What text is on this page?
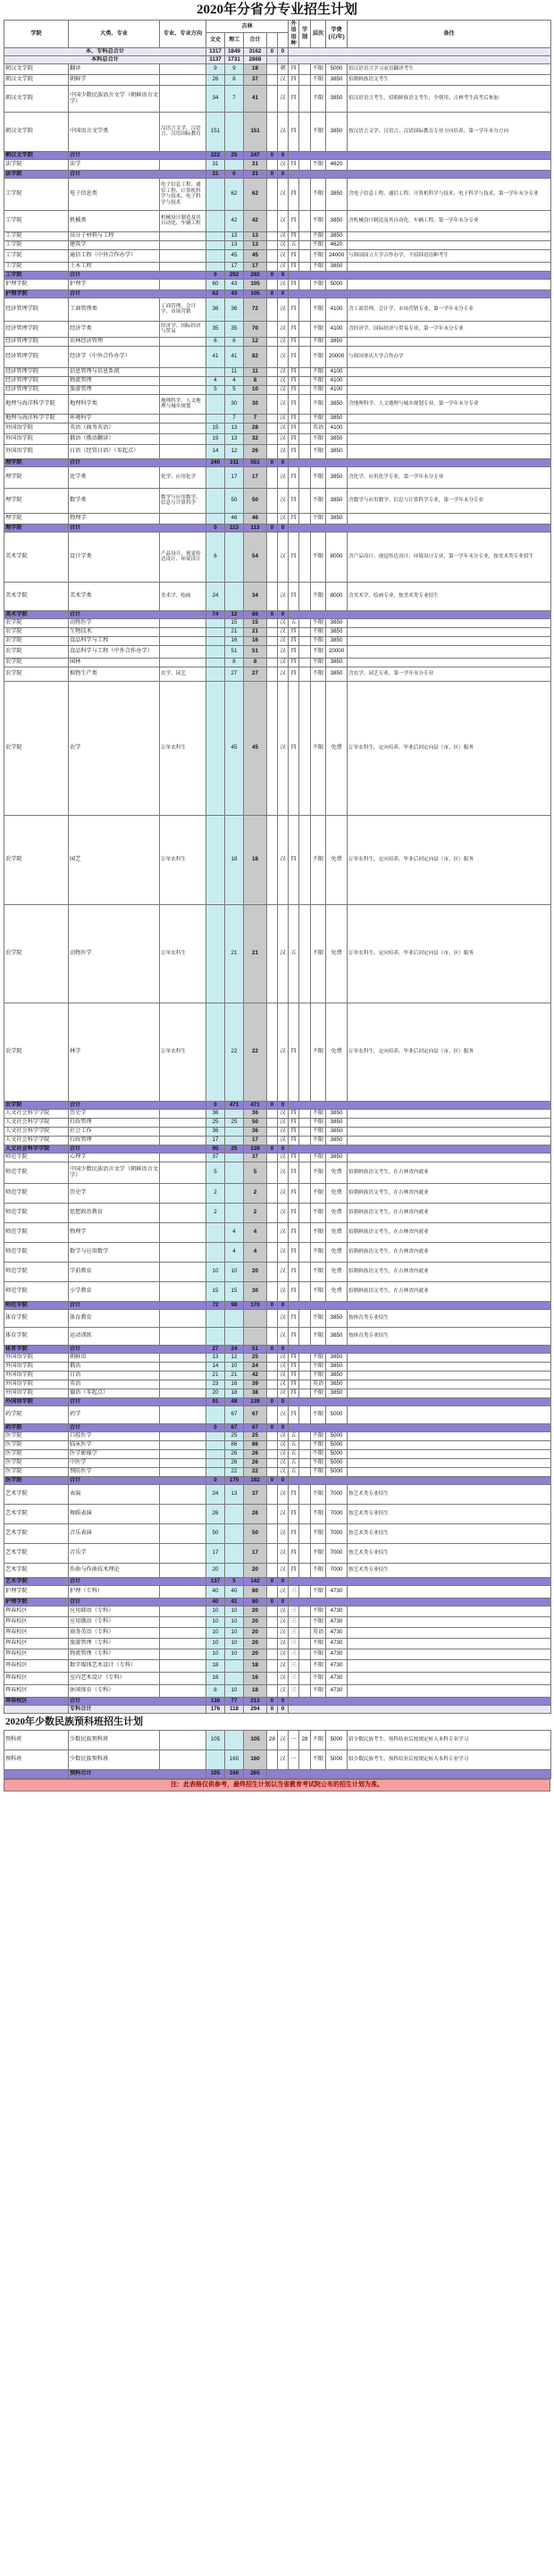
2020年分省分专业招生计划
学院	大类、专业	专业、专业方向	吉林					外语语种	学制	层次	学费(元/年)	备注
			文史	理工	合计							
本、专科总合计			1317	1849	3162	0	0					
本科总合计			1137	1731	2868							
朝汉文学院	翻译		9	9	18		朝	四		不限	5000	招汉语语言学习双语翻译考生
朝汉文学院	朝鲜学		26	8	37		汉	四		不限	3850	招朝鲜族语文考生
朝汉文学院	中国少数民族语言文学（朝鲜语言文学）		34	7	41		汉	四		不限	3850	招汉语语言考生，招朝鲜族语文考生，全朝用、吉林考生高考后参加
朝汉文学院	中国语言文学类	汉语言文学、汉语言、汉语国际教育	151		151		汉	四		不限	3850	按汉语言文学、汉语言、汉语国际教育专业方向培养，第一学年末分方向
朝汉文学院	合计		222	25	247	0	0					
法学院	法学		31		31		汉	四		不限	4620	
法学院	合计		31	0	31	0	0					
工学院	电子信息类	电子信息工程、通信工程、计算机科学与技术、电子科学与技术		62	62		汉	四		不限	3850	含电子信息工程、通信工程、计算机科学与技术、电子科学与技术，第一学年末分专业
工学院	机械类	机械设计制造及其自动化、车辆工程		42	42		汉	四		不限	3850	含机械设计制造及其自动化、车辆工程，第一学年末分专业
工学院	高分子材料与工程			13	13		汉	四		不限	3850	
工学院	建筑学			13	13		汉	五		不限	4620	
工学院	通信工程（中外合作办学）			45	45		汉	四		不限	24000	与韩国国立大学合作办学，不招韩语语种考生
工学院	土木工程			17	17		汉	四		不限	3850	
工学院	合计		0	292	292	0	0					
护理学院	护理学		60	43	105		汉	四		不限	5000	
护理学院	合计		62	43	105	0	0					
经济管理学院	工商管理类	工商管理、会计学、市场营销	36	36	72		汉	四		不限	4100	含工商管理、会计学、市场营销专业，第一学年末分专业
经济管理学院	经济学类	经济学、国际经济与贸易	35	35	70		汉	四		不限	4100	含经济学、国际经济与贸易专业，第一学年末分专业
经济管理学院	农林经济管理		6	6	12		汉	四		不限	3850	
经济管理学院	经济学（中外合作办学）		41	41	82		汉	四		不限	20000	与韩国釜庆大学合作办学
经济管理学院	信息管理与信息系统			11	11		汉	四		不限	4100	
经济管理学院	物流管理		4	4	8		汉	四		不限	4100	
经济管理学院	旅游管理		5	5	10		汉	四		不限	4100	
地理与海洋科学学院	地理科学类	地理科学、人文地理与城乡规划		30	30		汉	四		不限	3850	含地理科学、人文地理与城乡规划专业，第一学年末分专业
地理与海洋科学学院	环境科学			7	7		汉	四		不限	3850	
外国语学院	英语（商务英语）		15	13	28		汉	四		英语	4100	
外国语学院	俄语（俄语翻译）		19	13	32		汉	四		不限	3850	
外国语学院	日语（经贸日语）（零起点）		14	12	26		汉	四		不限	3850	
理学院	合计		240	311	551	0	0					
理学院	化学类	化学、应用化学		17	17		汉	四		不限	3850	含化学、应用化学专业，第一学年末分专业
理学院	数学类	数学与应用数学、信息与计算科学		50	50		汉	四		不限	3850	含数学与应用数学、信息与计算科学专业，第一学年末分专业
理学院	物理学			46	46		汉	四		不限	3850	
理学院	合计		0	113	113	0	0					
美术学院	设计学类	产品设计、视觉传达设计、环境设计	6		54		汉	四		不限	8000	含产品设计、视觉传达设计、环境设计专业，第一学年末分专业，按美术类专业招生
美术学院	美术学类	美术学、绘画	24		34		汉	四		不限	8000	含美术学、绘画专业，按美术类专业招生
美术学院	合计		74	12	86	0	0					
农学院	动物医学			15	15		汉	五		不限	3850	
农学院	生物技术			21	21		汉	四		不限	3850	
农学院	食品科学与工程			16	16		汉	四		不限	3850	
农学院	食品科学与工程（中外合作办学）			51	51		汉	四		不限	20000	
农学院	园林			8	8		汉	四		不限	3850	
农学院	植物生产类	农学、园艺		27	27		汉	四		不限	3850	含农学、园艺专业，第一学年末分专业
农学院	农学	订单农科生		45	45		汉	四		不限	免费	订单农科生，定向培养，毕业后回定向县（市、区）服务
农学院	园艺	订单农科生		18	18		汉	四		不限	免费	订单农科生，定向培养，毕业后回定向县（市、区）服务
农学院	动物医学	订单农科生		21	21		汉	五		不限	免费	订单农科生，定向培养，毕业后回定向县（市、区）服务
农学院	林学	订单农科生		22	22		汉	四		不限	免费	订单农科生，定向培养，毕业后回定向县（市、区）服务
农学院	合计		0	471	471	0	0					
人文社会科学学院	历史学		36		36		汉	四		不限	3850	
人文社会科学学院	行政管理		25	25	50		汉	四		不限	3850	
人文社会科学学院	社会工作		36		36		汉	四		不限	3850	
人文社会科学学院	行政管理		17		17		汉	四		不限	3850	
人文社会科学学院	合计		95	25	139	0	0					
师范学院	心理学		37		37		汉	四		不限	3850	
师范学院	中国少数民族语言文学（朝鲜语言文学）		5		5		汉	四		不限	免费	招朝鲜族语文考生，在吉林省内就业
师范学院	历史学		2		2		汉	四		不限	免费	招朝鲜族语文考生，在吉林省内就业
师范学院	思想政治教育		2		2		汉	四		不限	免费	招朝鲜族语文考生，在吉林省内就业
师范学院	物理学			4	4		汉	四		不限	免费	招朝鲜族语文考生，在吉林省内就业
师范学院	数学与应用数学			4	4		汉	四		不限	免费	招朝鲜族语文考生，在吉林省内就业
师范学院	学前教育		10	10	20		汉	四		不限	免费	招朝鲜族语文考生，在吉林省内就业
师范学院	小学教育		15	15	30		汉	四		不限	免费	招朝鲜族语文考生，在吉林省内就业
师范学院	合计		72	98	170	0	0					
体育学院	体育教育						汉	四		不限	3850	按体育类专业招生
体育学院	运动训练						汉	四		不限	3850	按体育类专业招生
体育学院	合计		27	24	51	0	0					
外国语学院	朝鲜语		13	12	25		汉	四		不限	3850	
外国语学院	俄语		14	10	24		汉	四		不限	3850	
外国语学院	日语		21	21	42		汉	四		不限	3850	
外国语学院	英语		23	16	39		汉	四		英语	3850	
外国语学院	德语（零起点）		20	18	38		汉	四		不限	3850	
外国语学院	合计		91	48	139	0	0					
药学院	药学			67	67		汉	四		不限	5000	
药学院	合计		0	67	67	0	0					
医学院	口腔医学			25	25		汉	五		不限	5000	
医学院	临床医学			86	86		汉	五		不限	5000	
医学院	医学影像学			26	26		汉	五		不限	5000	
医学院	中医学			26	26		汉	五		不限	5000	
医学院	预防医学			22	22		汉	五		不限	5000	
医学院	合计		0	175	192	0	0					
艺术学院	表演		24	13	37		汉	四		不限	7000	按艺术类专业招生
艺术学院	舞蹈表演		26		26		汉	四		不限	7000	按艺术类专业招生
艺术学院	音乐表演		50		50		汉	四		不限	7000	按艺术类专业招生
艺术学院	音乐学		17		17		汉	四		不限	7000	按艺术类专业招生
艺术学院	作曲与作曲技术理论		20		20		汉	四		不限	7000	按艺术类专业招生
艺术学院	合计		137	5	142	0	0					
护理学院	护理（专科）		40	40	80		汉	三		不限	4730	
护理学院	合计		40	41	80	0	0					
珲春校区	应用韩语（专科）		10	10	20		汉	三		不限	4730	
珲春校区	应用俄语（专科）		10	10	20		汉	三		不限	4730	
珲春校区	商务英语（专科）		10	10	20		汉	三		英语	4730	
珲春校区	旅游管理（专科）		10	10	20		汉	三		不限	4730	
珲春校区	物流管理（专科）		10	10	20		汉	三		不限	4730	
珲春校区	数字媒体艺术设计（专科）		18		18		汉	三		不限	4730	
珲春校区	室内艺术设计（专科）		16		16		汉	三		不限	4730	
珲春校区	休闲体育（专科）		8	10	18		汉	三		不限	4730	
珲春校区	合计		136	77	213	0	0					
	专科合计		176	118	294	0	0					
2020年少数民族预科班招生计划
预科班	少数民族预科班		105		105	28	汉	一	28	不限	5000	招少数民族考生，预科结业后按规定转入本科专业学习
预科班	少数民族预科班			160	160		汉	一		不限	5000	招少数民族考生，预科结业后按规定转入本科专业学习
	预科合计		105	160	265							
注：此表格仅供参考，最终招生计划以当省教育考试院公布的招生计划为准。
